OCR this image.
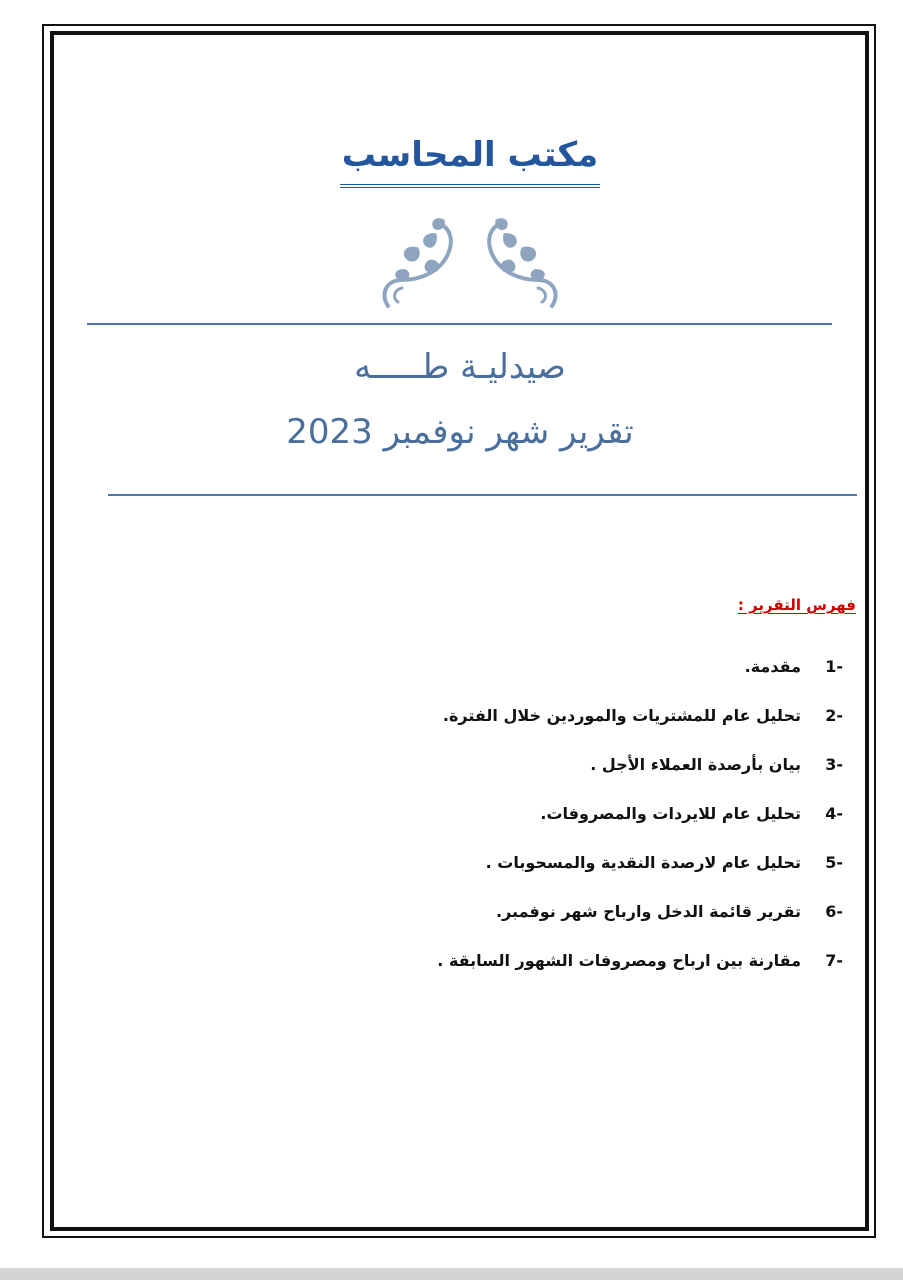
مكتب المحاسب
صيدليـة طـــــه
تقرير شهر نوفمبر 2023
فهرس التقرير :
-1
مقدمة.
-2
تحليل عام للمشتريات والموردين خلال الفترة.
-3
بيان بأرصدة العملاء الأجل .
-4
تحليل عام للايردات والمصروفات.
-5
تحليل عام لارصدة النقدية والمسحوبات .
-6
تقرير قائمة الدخل وارباح شهر نوفمبر.
-7
مقارنة بين ارباح ومصروفات الشهور السابقة .
